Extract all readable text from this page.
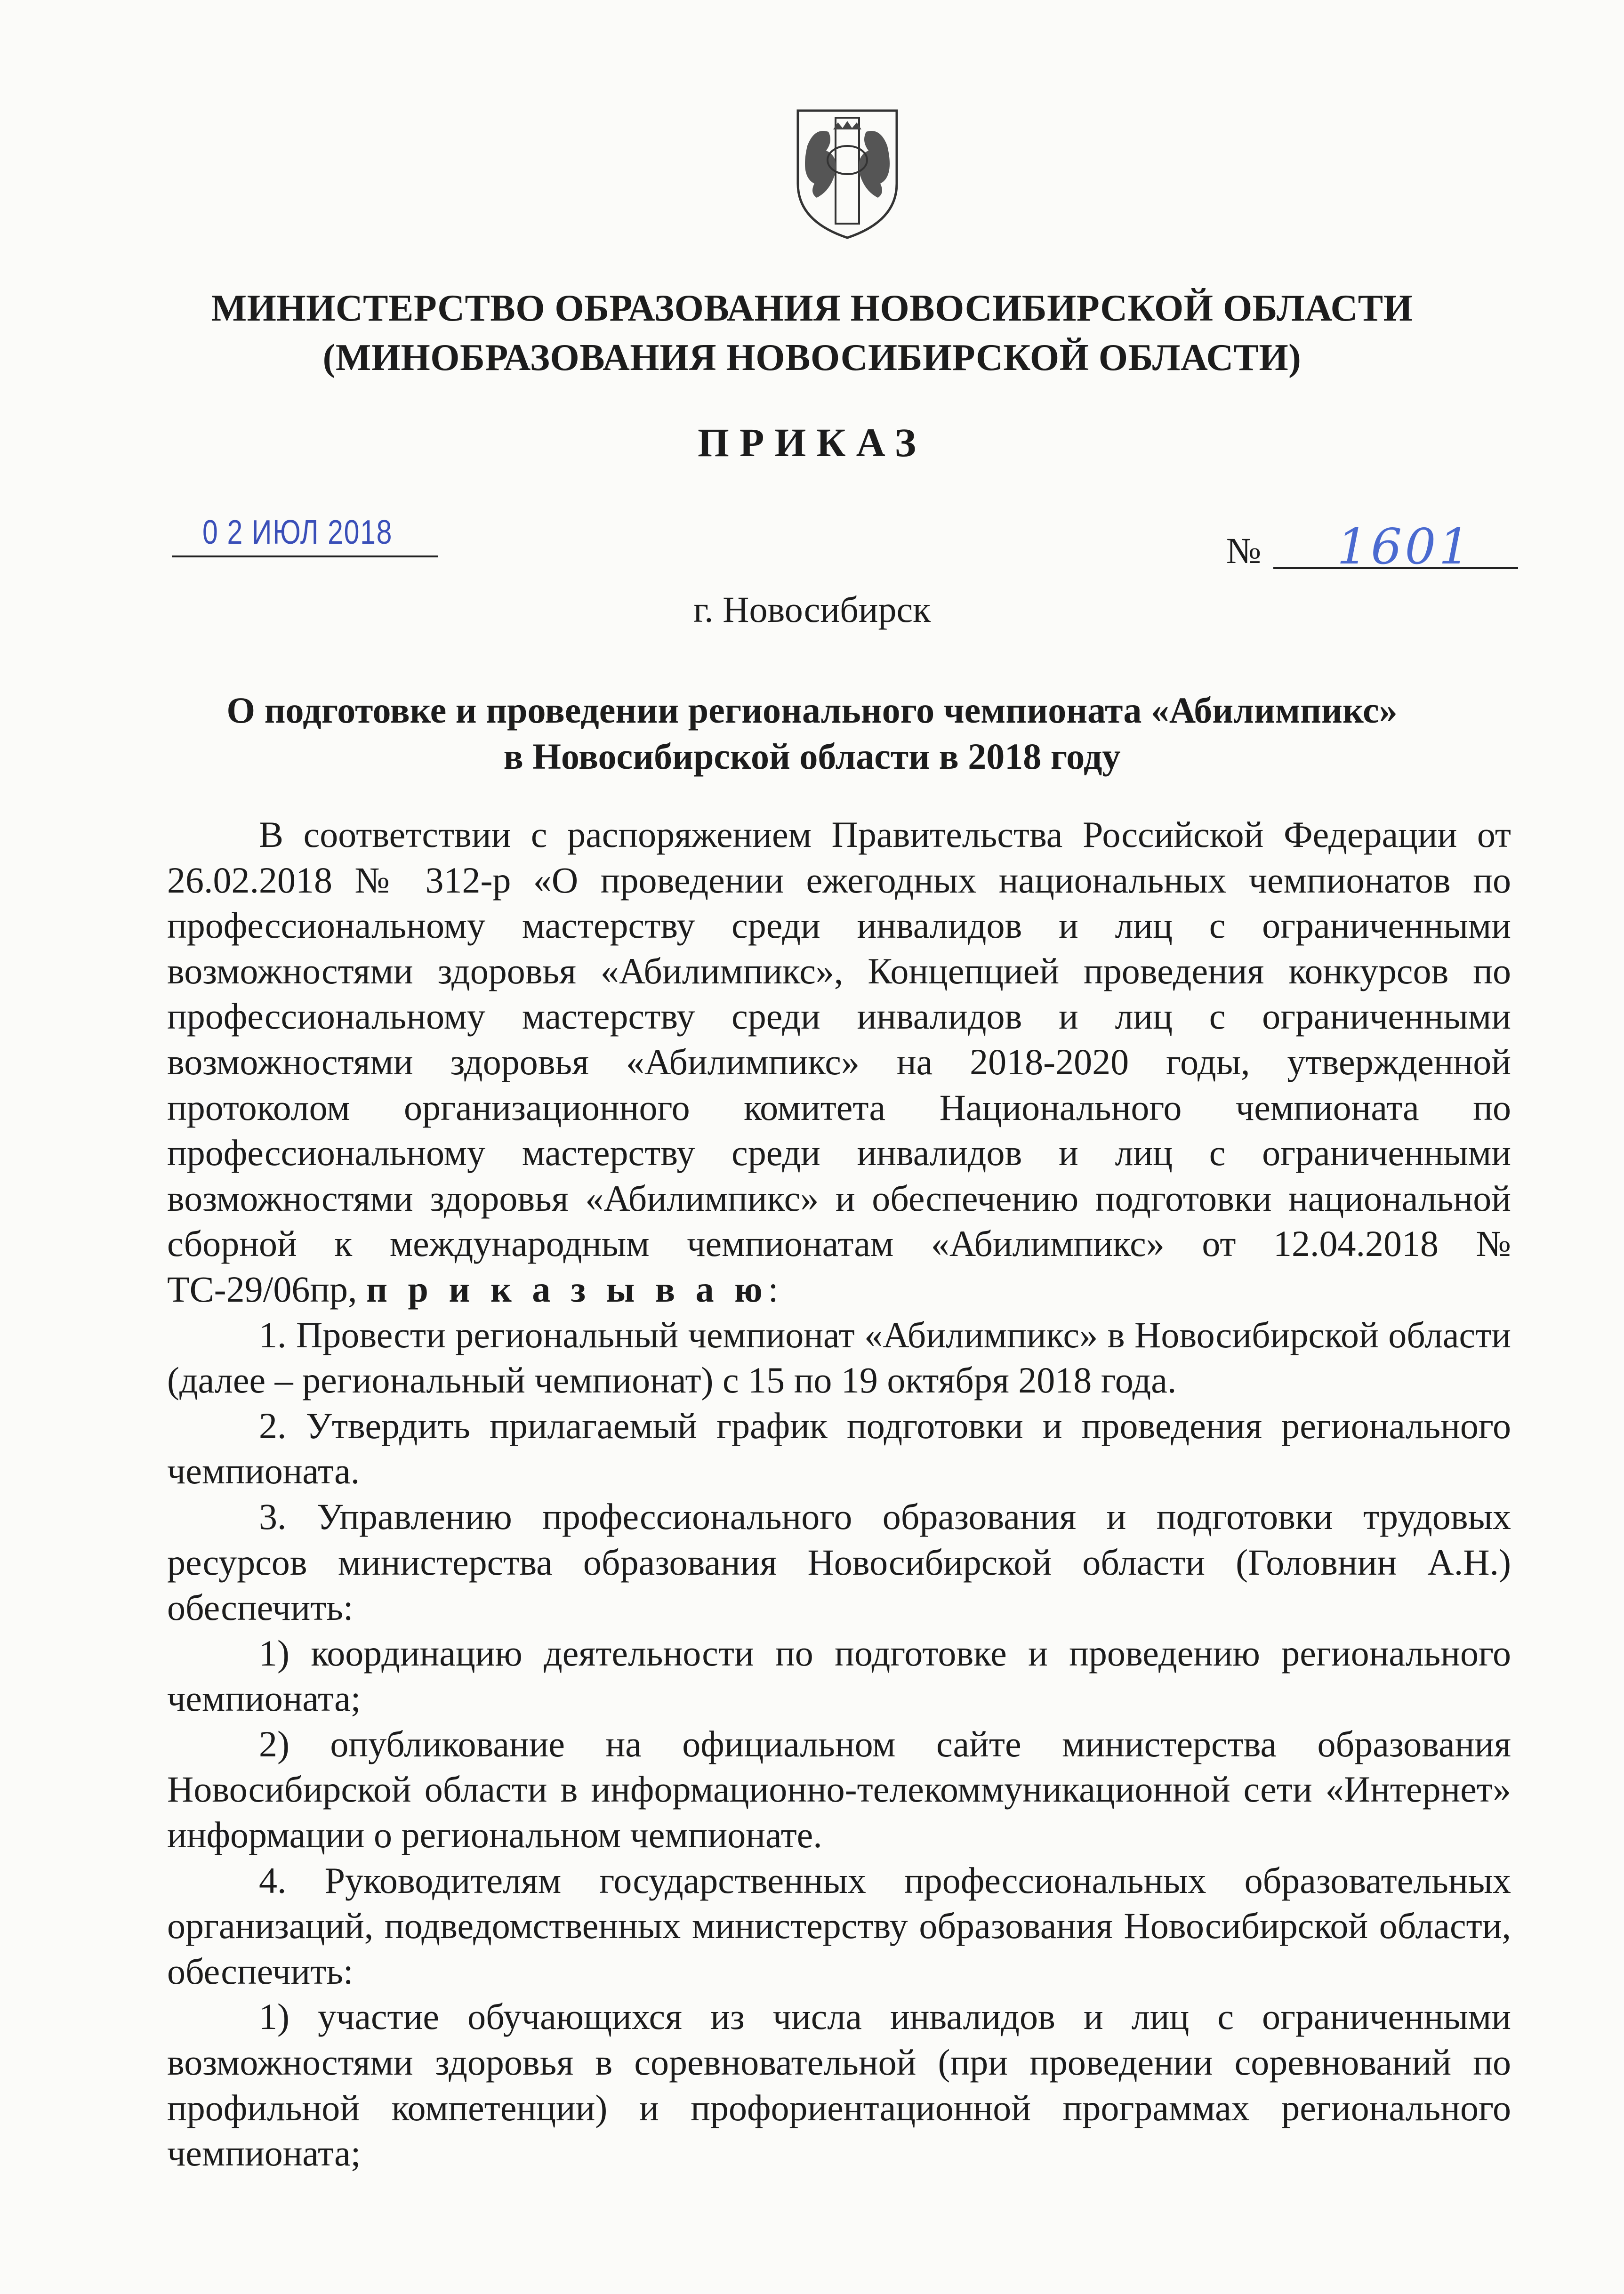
МИНИСТЕРСТВО ОБРАЗОВАНИЯ НОВОСИБИРСКОЙ ОБЛАСТИ
(МИНОБРАЗОВАНИЯ НОВОСИБИРСКОЙ ОБЛАСТИ)
ПРИКАЗ
0 2 ИЮЛ 2018	№ 1601
г. Новосибирск
О подготовке и проведении регионального чемпионата «Абилимпикс»
в Новосибирской области в 2018 году

В соответствии с распоряжением Правительства Российской Федерации от 26.02.2018 № 312-р «О проведении ежегодных национальных чемпионатов по профессиональному мастерству среди инвалидов и лиц с ограниченными возможностями здоровья «Абилимпикс», Концепцией проведения конкурсов по профессиональному мастерству среди инвалидов и лиц с ограниченными возможностями здоровья «Абилимпикс» на 2018-2020 годы, утвержденной протоколом организационного комитета Национального чемпионата по профессиональному мастерству среди инвалидов и лиц с ограниченными возможностями здоровья «Абилимпикс» и обеспечению подготовки национальной сборной к международным чемпионатам «Абилимпикс» от 12.04.2018 № ТС-29/06пр, п р и к а з ы в а ю:

1. Провести региональный чемпионат «Абилимпикс» в Новосибирской области (далее – региональный чемпионат) с 15 по 19 октября 2018 года.

2. Утвердить прилагаемый график подготовки и проведения регионального чемпионата.

3. Управлению профессионального образования и подготовки трудовых ресурсов министерства образования Новосибирской области (Головнин А.Н.) обеспечить:

1) координацию деятельности по подготовке и проведению регионального чемпионата;

2) опубликование на официальном сайте министерства образования Новосибирской области в информационно-телекоммуникационной сети «Интернет» информации о региональном чемпионате.

4. Руководителям государственных профессиональных образовательных организаций, подведомственных министерству образования Новосибирской области, обеспечить:

1) участие обучающихся из числа инвалидов и лиц с ограниченными возможностями здоровья в соревновательной (при проведении соревнований по профильной компетенции) и профориентационной программах регионального чемпионата;
